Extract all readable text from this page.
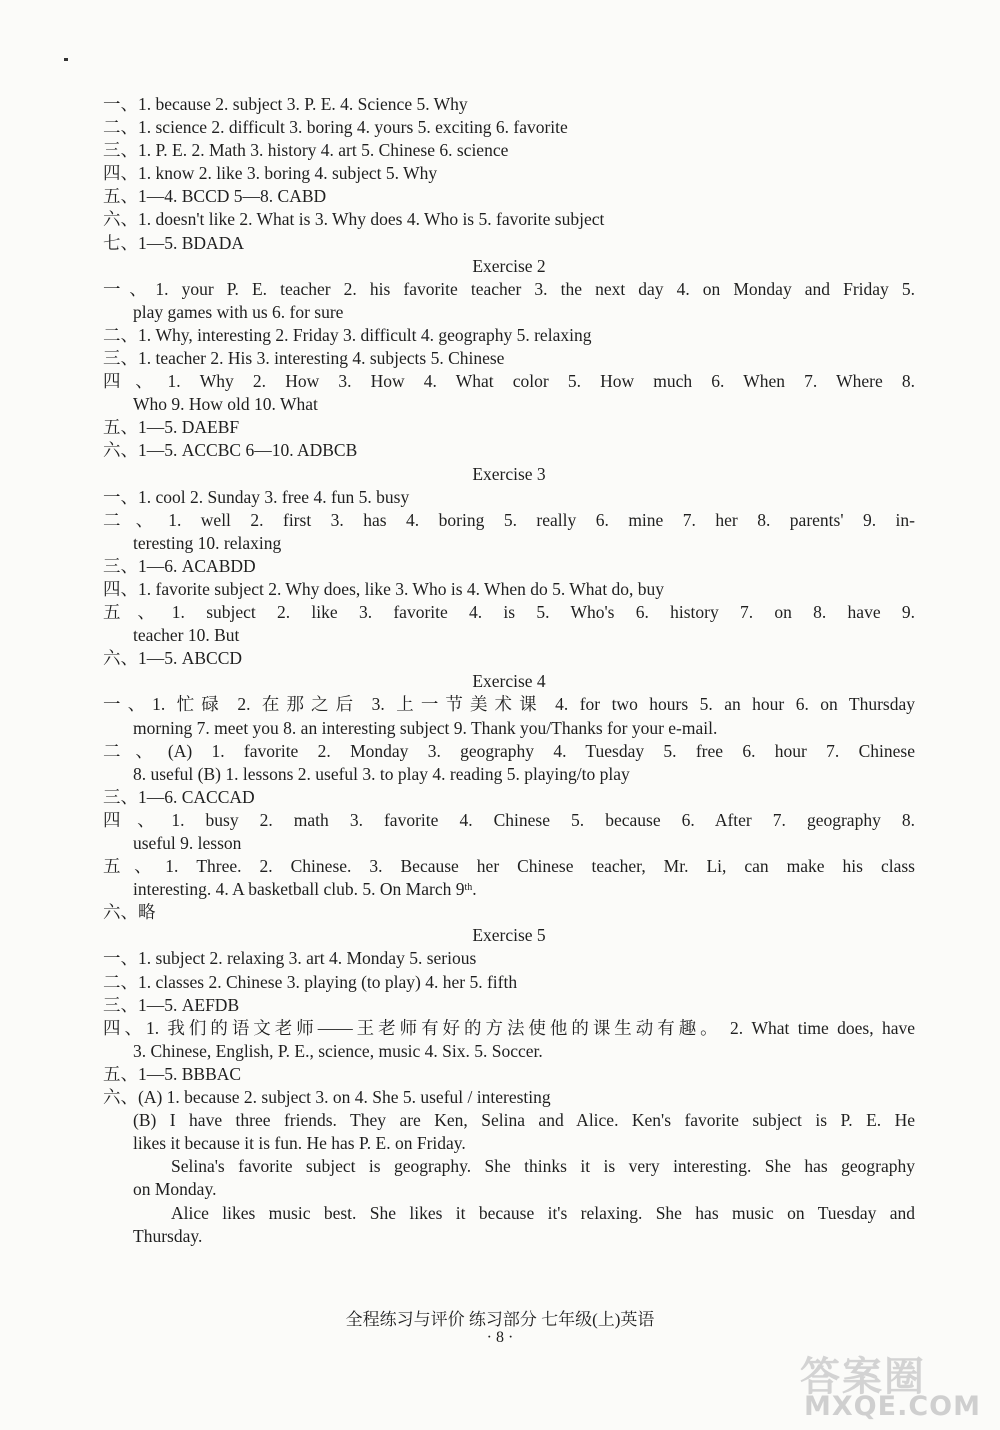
一、1. because 2. subject 3. P. E. 4. Science 5. Why
二、1. science 2. difficult 3. boring 4. yours 5. exciting 6. favorite
三、1. P. E. 2. Math 3. history 4. art 5. Chinese 6. science
四、1. know 2. like 3. boring 4. subject 5. Why
五、1—4. BCCD 5—8. CABD
六、1. doesn't like 2. What is 3. Why does 4. Who is 5. favorite subject
七、1—5. BDADA
Exercise 2
一、1. your P. E. teacher 2. his favorite teacher 3. the next day 4. on Monday and Friday 5.
play games with us 6. for sure
二、1. Why, interesting 2. Friday 3. difficult 4. geography 5. relaxing
三、1. teacher 2. His 3. interesting 4. subjects 5. Chinese
四、1. Why 2. How 3. How 4. What color 5. How much 6. When 7. Where 8.
Who 9. How old 10. What
五、1—5. DAEBF
六、1—5. ACCBC 6—10. ADBCB
Exercise 3
一、1. cool 2. Sunday 3. free 4. fun 5. busy
二、1. well 2. first 3. has 4. boring 5. really 6. mine 7. her 8. parents' 9. in-
teresting 10. relaxing
三、1—6. ACABDD
四、1. favorite subject 2. Why does, like 3. Who is 4. When do 5. What do, buy
五、1. subject 2. like 3. favorite 4. is 5. Who's 6. history 7. on 8. have 9.
teacher 10. But
六、1—5. ABCCD
Exercise 4
一、1. 忙碌 2. 在那之后 3. 上一节美术课 4. for two hours 5. an hour 6. on Thursday
morning 7. meet you 8. an interesting subject 9. Thank you/Thanks for your e-mail.
二、(A) 1. favorite 2. Monday 3. geography 4. Tuesday 5. free 6. hour 7. Chinese
8. useful (B) 1. lessons 2. useful 3. to play 4. reading 5. playing/to play
三、1—6. CACCAD
四、1. busy 2. math 3. favorite 4. Chinese 5. because 6. After 7. geography 8.
useful 9. lesson
五、1. Three. 2. Chinese. 3. Because her Chinese teacher, Mr. Li, can make his class
interesting. 4. A basketball club. 5. On March 9th.
六、略
Exercise 5
一、1. subject 2. relaxing 3. art 4. Monday 5. serious
二、1. classes 2. Chinese 3. playing (to play) 4. her 5. fifth
三、1—5. AEFDB
四、1. 我们的语文老师——王老师有好的方法使他的课生动有趣。 2. What time does, have
3. Chinese, English, P. E., science, music 4. Six. 5. Soccer.
五、1—5. BBBAC
六、(A) 1. because 2. subject 3. on 4. She 5. useful / interesting
(B) I have three friends. They are Ken, Selina and Alice. Ken's favorite subject is P. E. He
likes it because it is fun. He has P. E. on Friday.
Selina's favorite subject is geography. She thinks it is very interesting. She has geography
on Monday.
Alice likes music best. She likes it because it's relaxing. She has music on Tuesday and
Thursday.
全程练习与评价 练习部分 七年级(上)英语
· 8 ·
答案圈
MXQE.COM
